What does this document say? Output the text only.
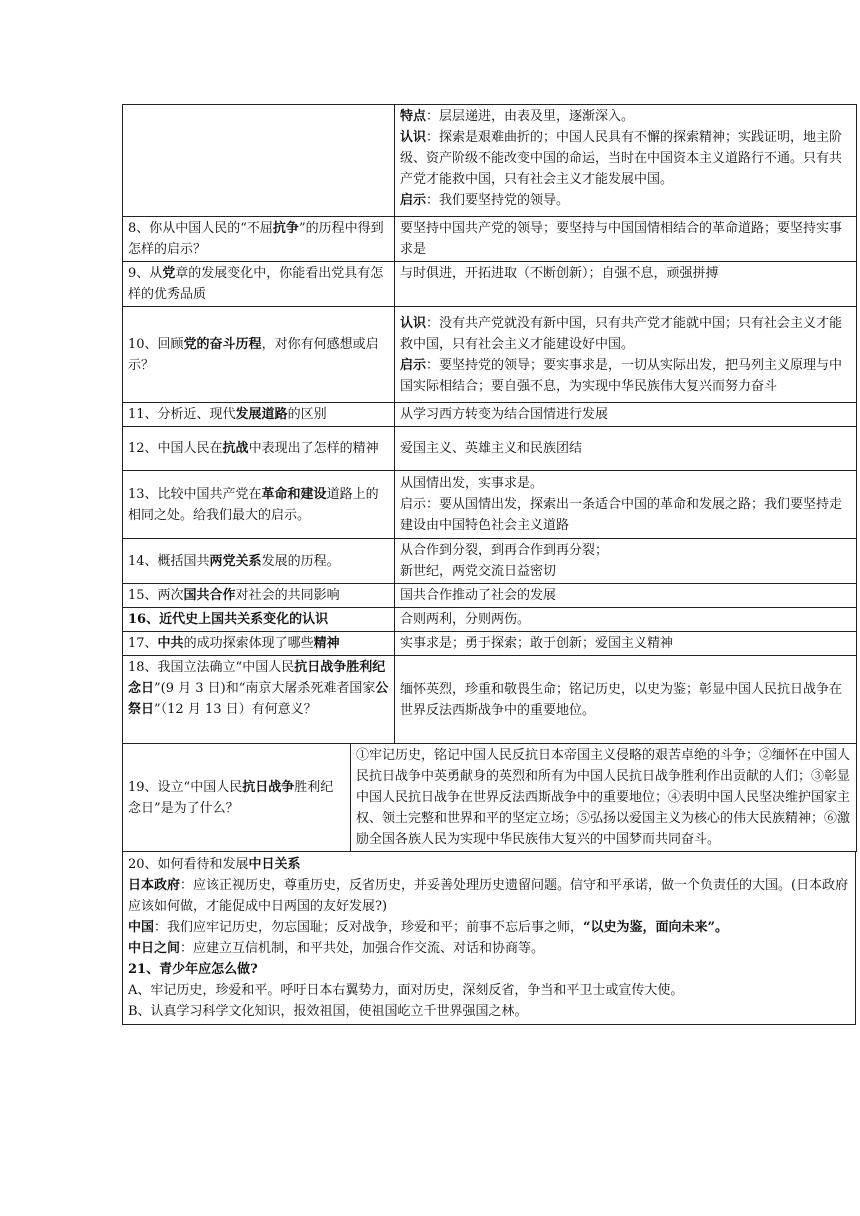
	特点：层层递进，由表及里，逐渐深入。
认识：探索是艰难曲折的；中国人民具有不懈的探索精神；实践证明，地主阶级、资产阶级不能改变中国的命运，当时在中国资本主义道路行不通。只有共产党才能救中国，只有社会主义才能发展中国。
启示：我们要坚持党的领导。

8、你从中国人民的“不屈抗争”的历程中得到怎样的启示？	要坚持中国共产党的领导；要坚持与中国国情相结合的革命道路；要坚持实事求是
9、从党章的发展变化中，你能看出党具有怎样的优秀品质	与时俱进，开拓进取（不断创新）；自强不息，顽强拼搏
10、回顾党的奋斗历程，对你有何感想或启示？	认识：没有共产党就没有新中国，只有共产党才能就中国；只有社会主义才能救中国，只有社会主义才能建设好中国。
启示：要坚持党的领导；要实事求是，一切从实际出发，把马列主义原理与中国实际相结合；要自强不息，为实现中华民族伟大复兴而努力奋斗

11、分析近、现代发展道路的区别	从学习西方转变为结合国情进行发展
12、中国人民在抗战中表现出了怎样的精神	爱国主义、英雄主义和民族团结
13、比较中国共产党在革命和建设道路上的相同之处。给我们最大的启示。	从国情出发，实事求是。
启示：要从国情出发，探索出一条适合中国的革命和发展之路；我们要坚持走建设由中国特色社会主义道路

14、概括国共两党关系发展的历程。	从合作到分裂，到再合作到再分裂；
新世纪，两党交流日益密切

15、两次国共合作对社会的共同影响	国共合作推动了社会的发展
16、近代史上国共关系变化的认识	合则两利，分则两伤。
17、中共的成功探索体现了哪些精神	实事求是；勇于探索；敢于创新；爱国主义精神
18、我国立法确立“中国人民抗日战争胜利纪念日”(9 月 3 日)和“南京大屠杀死难者国家公祭日”（12 月 13 日）有何意义？	缅怀英烈，珍重和敬畏生命；铭记历史，以史为鉴；彰显中国人民抗日战争在世界反法西斯战争中的重要地位。
19、设立“中国人民抗日战争胜利纪念日”是为了什么？	①牢记历史，铭记中国人民反抗日本帝国主义侵略的艰苦卓绝的斗争；②缅怀在中国人民抗日战争中英勇献身的英烈和所有为中国人民抗日战争胜利作出贡献的人们；③彰显中国人民抗日战争在世界反法西斯战争中的重要地位；④表明中国人民坚决维护国家主权、领土完整和世界和平的坚定立场；⑤弘扬以爱国主义为核心的伟大民族精神；⑥激励全国各族人民为实现中华民族伟大复兴的中国梦而共同奋斗。
20、如何看待和发展中日关系
日本政府：应该正视历史，尊重历史，反省历史，并妥善处理历史遗留问题。信守和平承诺，做一个负责任的大国。(日本政府应该如何做，才能促成中日两国的友好发展?)
中国：我们应牢记历史，勿忘国耻；反对战争，珍爱和平；前事不忘后事之师，“以史为鉴，面向未来”。
中日之间：应建立互信机制，和平共处，加强合作交流、对话和协商等。
21、青少年应怎么做?
A、牢记历史，珍爱和平。呼吁日本右翼势力，面对历史，深刻反省，争当和平卫士或宣传大使。
B、认真学习科学文化知识，报效祖国，使祖国屹立千世界强国之林。
